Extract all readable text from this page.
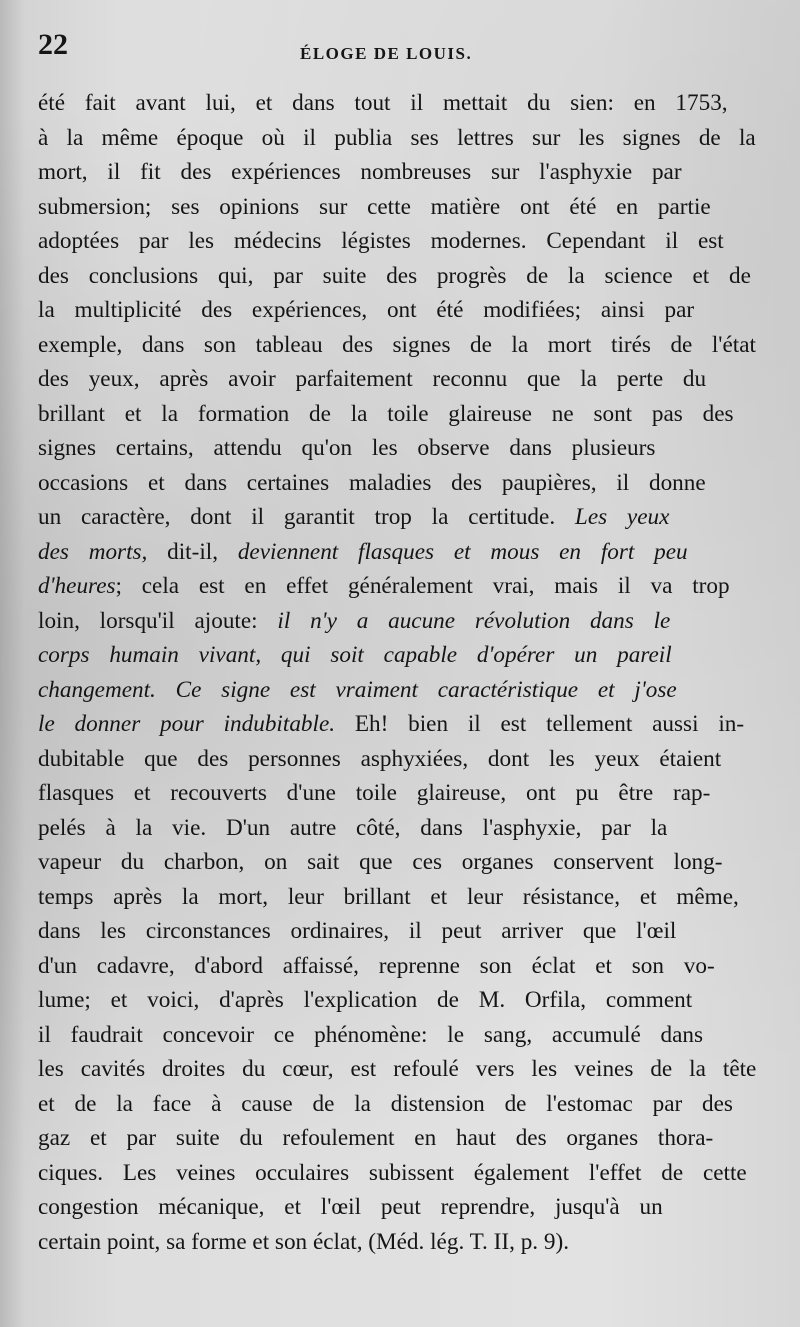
22	ÉLOGE DE LOUIS.
été fait avant lui, et dans tout il mettait du sien: en 1753,
à la même époque où il publia ses lettres sur les signes de la
mort, il fit des expériences nombreuses sur l'asphyxie par
submersion; ses opinions sur cette matière ont été en partie
adoptées par les médecins légistes modernes. Cependant il est
des conclusions qui, par suite des progrès de la science et de
la multiplicité des expériences, ont été modifiées; ainsi par
exemple, dans son tableau des signes de la mort tirés de l'état
des yeux, après avoir parfaitement reconnu que la perte du
brillant et la formation de la toile glaireuse ne sont pas des
signes certains, attendu qu'on les observe dans plusieurs
occasions et dans certaines maladies des paupières, il donne
un caractère, dont il garantit trop la certitude. Les yeux
des morts, dit-il, deviennent flasques et mous en fort peu
d'heures; cela est en effet généralement vrai, mais il va trop
loin, lorsqu'il ajoute: il n'y a aucune révolution dans le
corps humain vivant, qui soit capable d'opérer un pareil
changement. Ce signe est vraiment caractéristique et j'ose
le donner pour indubitable. Eh! bien il est tellement aussi in-
dubitable que des personnes asphyxiées, dont les yeux étaient
flasques et recouverts d'une toile glaireuse, ont pu être rap-
pelés à la vie. D'un autre côté, dans l'asphyxie, par la
vapeur du charbon, on sait que ces organes conservent long-
temps après la mort, leur brillant et leur résistance, et même,
dans les circonstances ordinaires, il peut arriver que l'œil
d'un cadavre, d'abord affaissé, reprenne son éclat et son vo-
lume; et voici, d'après l'explication de M. Orfila, comment
il faudrait concevoir ce phénomène: le sang, accumulé dans
les cavités droites du cœur, est refoulé vers les veines de la tête
et de la face à cause de la distension de l'estomac par des
gaz et par suite du refoulement en haut des organes thora-
ciques. Les veines occulaires subissent également l'effet de cette
congestion mécanique, et l'œil peut reprendre, jusqu'à un
certain point, sa forme et son éclat, (Méd. lég. T. II, p. 9).
